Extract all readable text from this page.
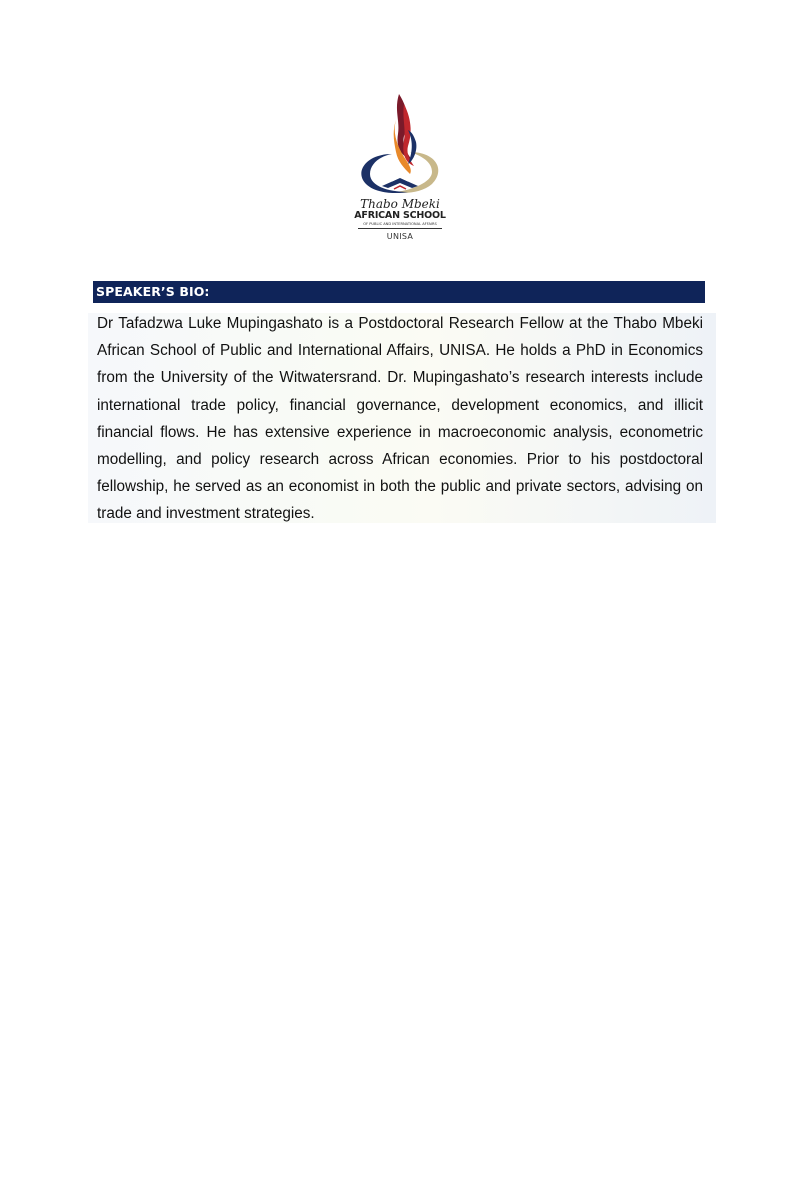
Thabo Mbeki
AFRICAN SCHOOL
OF PUBLIC AND INTERNATIONAL AFFAIRS
UNISA
SPEAKER’S BIO:

Dr Tafadzwa Luke Mupingashato is a Postdoctoral Research Fellow at the Thabo Mbeki African School of Public and International Affairs, UNISA. He holds a PhD in Economics from the University of the Witwatersrand. Dr. Mupingashato’s research interests include international trade policy, financial governance, development economics, and illicit financial flows. He has extensive experience in macroeconomic analysis, econometric modelling, and policy research across African economies. Prior to his postdoctoral fellowship, he served as an economist in both the public and private sectors, advising on trade and investment strategies.
